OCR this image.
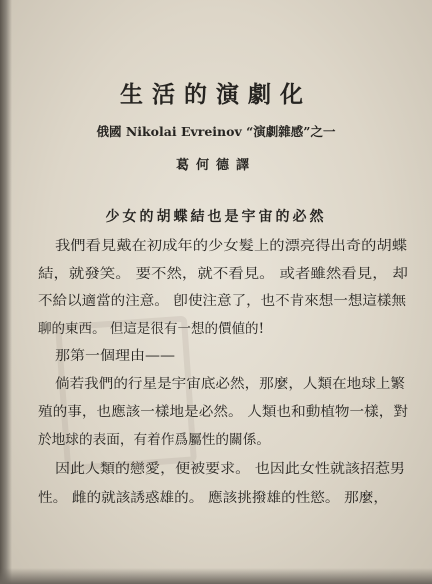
生活的演劇化

俄國 Nikolai Evreinov “演劇雜感”之一

葛何德譯

少女的胡蝶結也是宇宙的必然
我們看見戴在初成年的少女髮上的漂亮得出奇的胡蝶
結，就發笑。 要不然，就不看見。 或者雖然看見， 却
不給以適當的注意。 卽使注意了，也不肯來想一想這樣無
聊的東西。 但這是很有一想的價値的!
那第一個理由——
倘若我們的行星是宇宙底必然，那麼，人類在地球上繁
殖的事，也應該一樣地是必然。 人類也和動植物一樣，對
於地球的表面，有着作爲屬性的關係。
因此人類的戀愛，便被要求。 也因此女性就該招惹男
性。 雌的就該誘惑雄的。 應該挑撥雄的性慾。 那麼，
